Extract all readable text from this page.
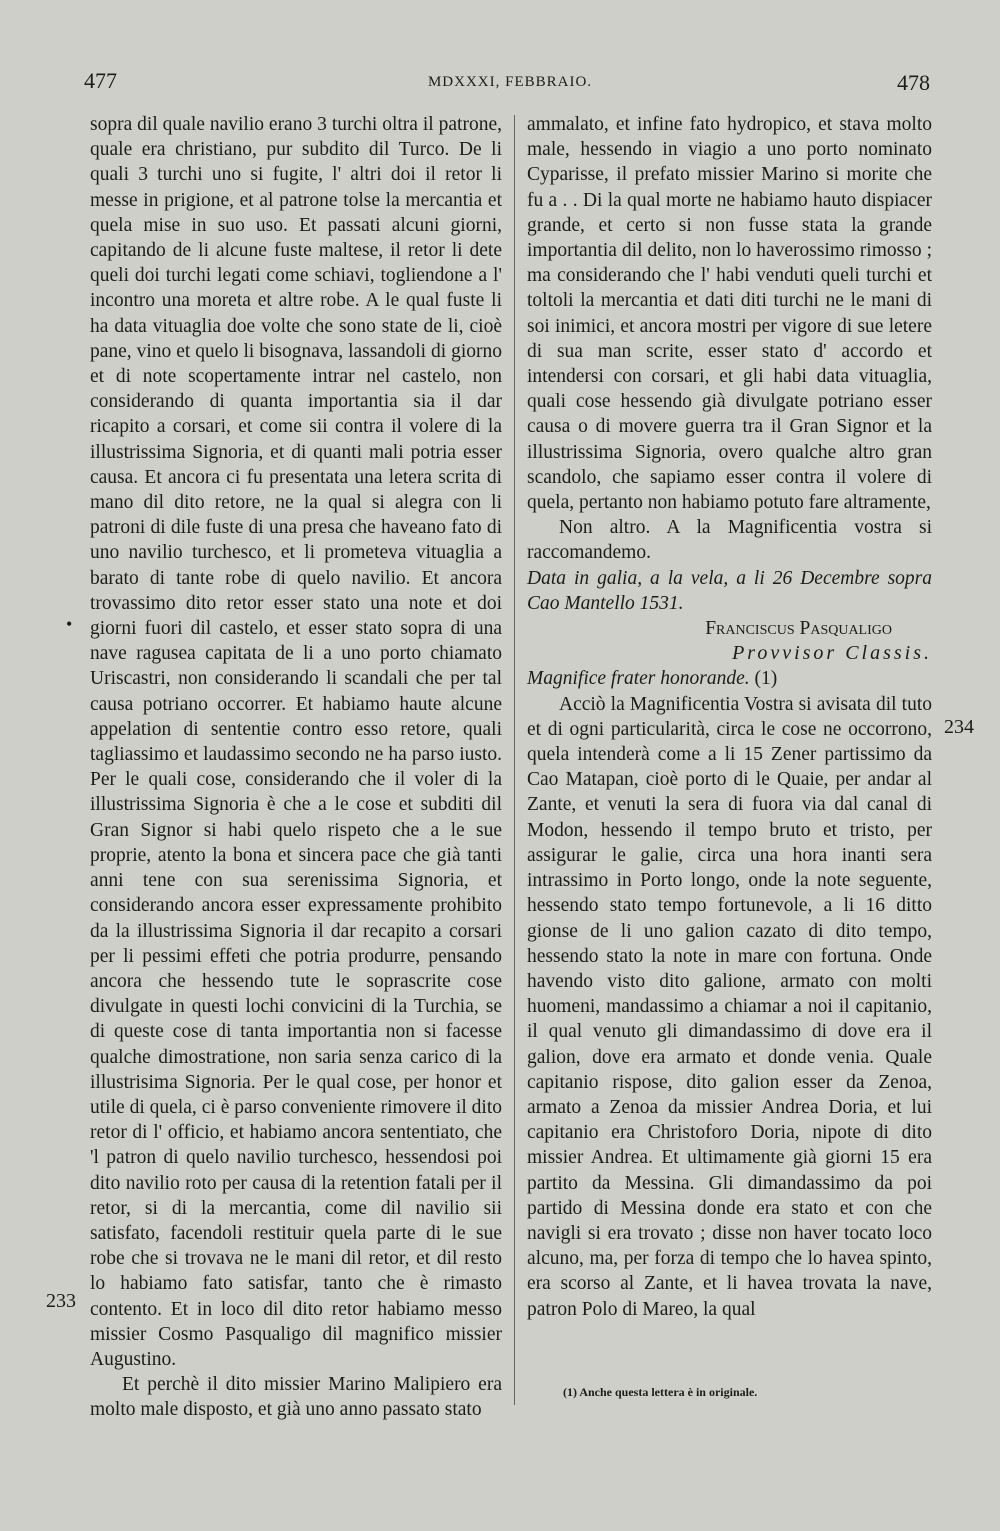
477	MDXXXI, FEBBRAIO.	478
•

sopra dil quale navilio erano 3 turchi oltra il patrone, quale era christiano, pur subdito dil Turco. De li quali 3 turchi uno si fugite, l' altri doi il retor li messe in prigione, et al patrone tolse la mercantia et quela mise in suo uso. Et passati alcuni giorni, capitando de li alcune fuste maltese, il retor li dete queli doi turchi legati come schiavi, togliendone a l' incontro una moreta et altre robe. A le qual fuste li ha data vituaglia doe volte che sono state de li, cioè pane, vino et quelo li bisognava, lassandoli di giorno et di note scopertamente intrar nel castelo, non considerando di quanta importantia sia il dar ricapito a corsari, et come sii contra il volere di la illustrissima Signoria, et di quanti mali potria esser causa. Et ancora ci fu presentata una letera scrita di mano dil dito retore, ne la qual si alegra con li patroni di dile fuste di una presa che haveano fato di uno navilio turchesco, et li prometeva vituaglia a barato di tante robe di quelo navilio. Et ancora trovassimo dito retor esser stato una note et doi giorni fuori dil castelo, et esser stato sopra di una nave ragusea capitata de li a uno porto chiamato Uriscastri, non considerando li scandali che per tal causa potriano occorrer. Et habiamo haute alcune appelation di sententie contro esso retore, quali tagliassimo et laudassimo secondo ne ha parso iusto. Per le quali cose, considerando che il voler di la illustrissima Signoria è che a le cose et subditi dil Gran Signor si habi quelo rispeto che a le sue proprie, atento la bona et sincera pace che già tanti anni tene con sua serenissima Signoria, et considerando ancora esser expressamente prohibito da la illustrissima Signoria il dar recapito a corsari per li pessimi effeti che potria produrre, pensando ancora che hessendo tute le soprascrite cose divulgate in questi lochi convicini di la Turchia, se di queste cose di tanta importantia non si facesse qualche dimostratione, non saria senza carico di la illustrisima Signoria. Per le qual cose, per honor et utile di quela, ci è parso conveniente rimovere il dito retor di l' officio, et habiamo ancora sententiato, che 'l patron di quelo navilio turchesco, hessendosi poi dito navilio roto per causa di la retention fatali per il retor, si di la mercantia, come dil navilio sii satisfato, facendoli restituir quela parte di le sue robe che si trovava ne le mani dil retor, et dil resto lo habiamo fato satisfar, tanto che è rimasto contento. Et in loco dil dito retor habiamo messo missier Cosmo Pasqualigo dil magnifico missier Augustino.

Et perchè il dito missier Marino Malipiero era molto male disposto, et già uno anno passato stato

233

ammalato, et infine fato hydropico, et stava molto male, hessendo in viagio a uno porto nominato Cyparisse, il prefato missier Marino si morite che fu a . . Di la qual morte ne habiamo hauto dispiacer grande, et certo si non fusse stata la grande importantia dil delito, non lo haverossimo rimosso ; ma considerando che l' habi venduti queli turchi et toltoli la mercantia et dati diti turchi ne le mani di soi inimici, et ancora mostri per vigore di sue letere di sua man scrite, esser stato d' accordo et intendersi con corsari, et gli habi data vituaglia, quali cose hessendo già divulgate potriano esser causa o di movere guerra tra il Gran Signor et la illustrissima Signoria, overo qualche altro gran scandolo, che sapiamo esser contra il volere di quela, pertanto non habiamo potuto fare altramente,

Non altro. A la Magnificentia vostra si raccomandemo.

Data in galia, a la vela, a li 26 Decembre sopra Cao Mantello 1531.

Franciscus Pasqualigo

Provvisor Classis.

Magnifice frater honorande. (1)

Acciò la Magnificentia Vostra si avisata dil tuto et di ogni particularità, circa le cose ne occorrono, quela intenderà come a li 15 Zener partissimo da Cao Matapan, cioè porto di le Quaie, per andar al Zante, et venuti la sera di fuora via dal canal di Modon, hessendo il tempo bruto et tristo, per assigurar le galie, circa una hora inanti sera intrassimo in Porto longo, onde la note seguente, hessendo stato tempo fortunevole, a li 16 ditto gionse de li uno galion cazato di dito tempo, hessendo stato la note in mare con fortuna. Onde havendo visto dito galione, armato con molti huomeni, mandassimo a chiamar a noi il capitanio, il qual venuto gli dimandassimo di dove era il galion, dove era armato et donde venia. Quale capitanio rispose, dito galion esser da Zenoa, armato a Zenoa da missier Andrea Doria, et lui capitanio era Christoforo Doria, nipote di dito missier Andrea. Et ultimamente già giorni 15 era partito da Messina. Gli dimandassimo da poi partido di Messina donde era stato et con che navigli si era trovato ; disse non haver tocato loco alcuno, ma, per forza di tempo che lo havea spinto, era scorso al Zante, et li havea trovata la nave, patron Polo di Mareo, la qual

234
(1) Anche questa lettera è in originale.
